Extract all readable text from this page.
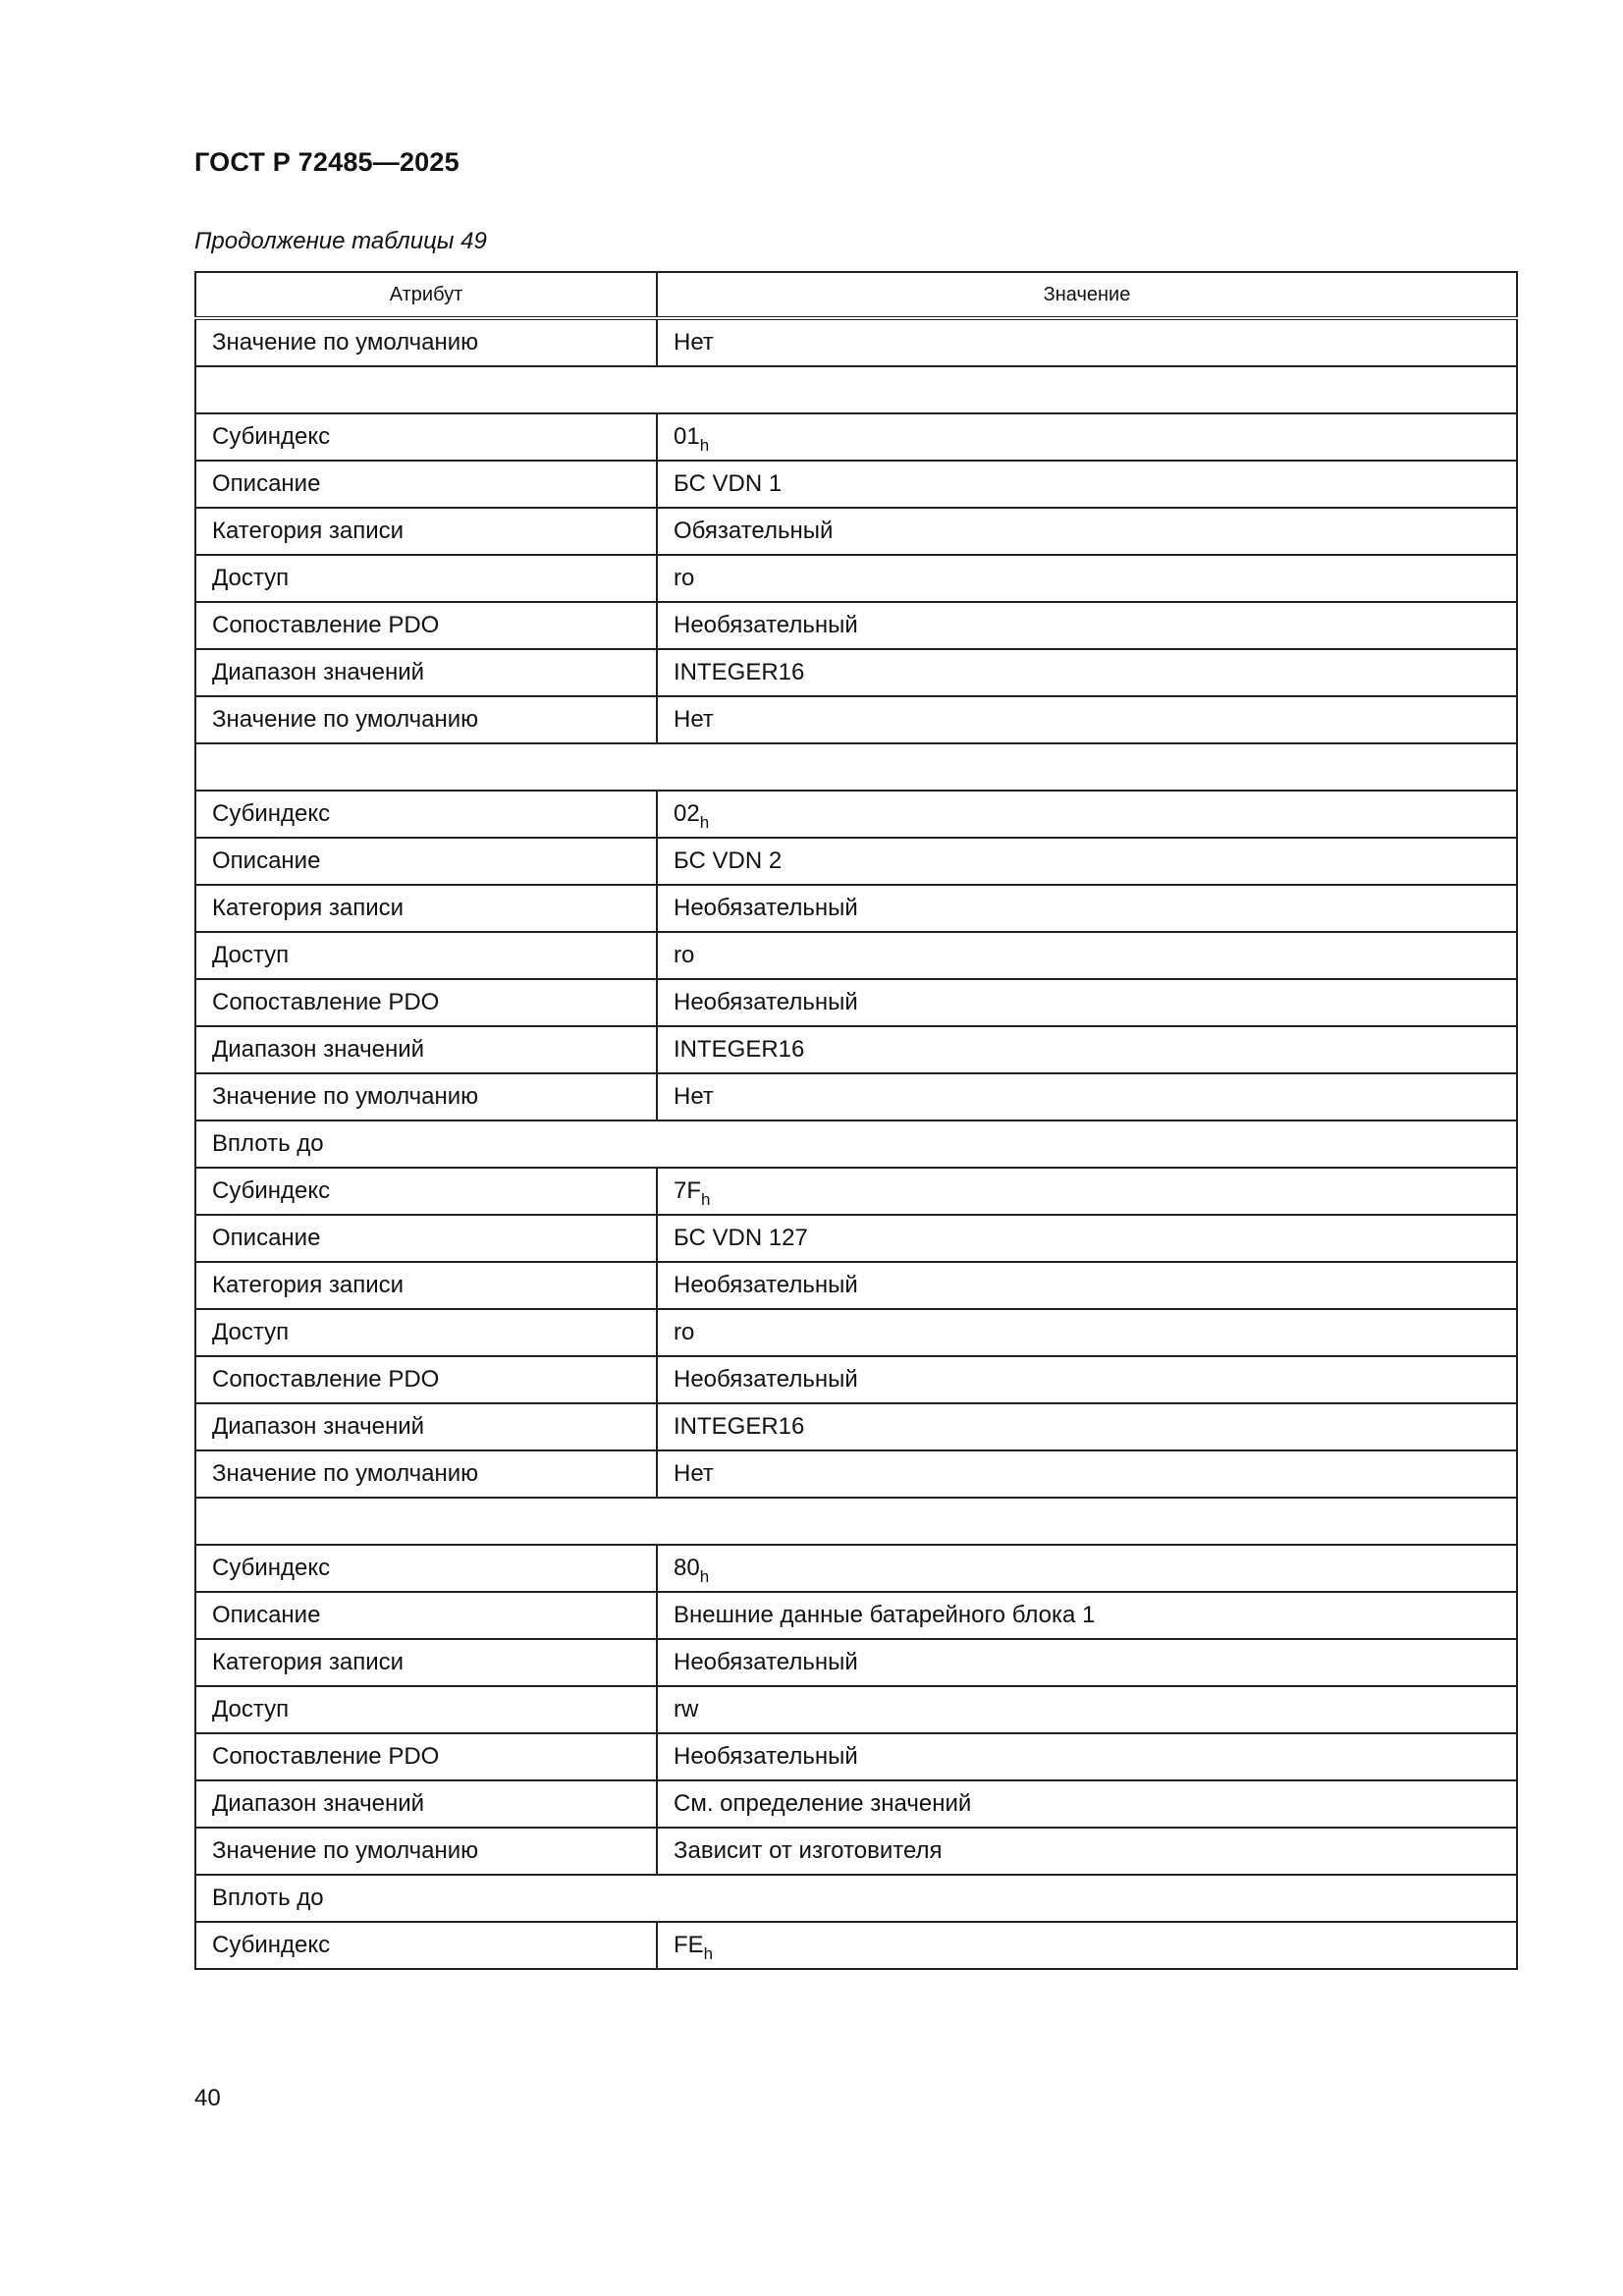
ГОСТ Р 72485—2025
Продолжение таблицы 49
Атрибут	Значение
Значение по умолчанию	Нет

Субиндекс	$01_h$
Описание	БС VDN 1
Категория записи	Обязательный
Доступ	ro
Сопоставление PDO	Необязательный
Диапазон значений	INTEGER16
Значение по умолчанию	Нет

Субиндекс	$02_h$
Описание	БС VDN 2
Категория записи	Необязательный
Доступ	ro
Сопоставление PDO	Необязательный
Диапазон значений	INTEGER16
Значение по умолчанию	Нет
Вплоть до	
Субиндекс	$7F_h$
Описание	БС VDN 127
Категория записи	Необязательный
Доступ	ro
Сопоставление PDO	Необязательный
Диапазон значений	INTEGER16
Значение по умолчанию	Нет

Субиндекс	$80_h$
Описание	Внешние данные батарейного блока 1
Категория записи	Необязательный
Доступ	rw
Сопоставление PDO	Необязательный
Диапазон значений	См. определение значений
Значение по умолчанию	Зависит от изготовителя
Вплоть до	
Субиндекс	$FE_h$
40
